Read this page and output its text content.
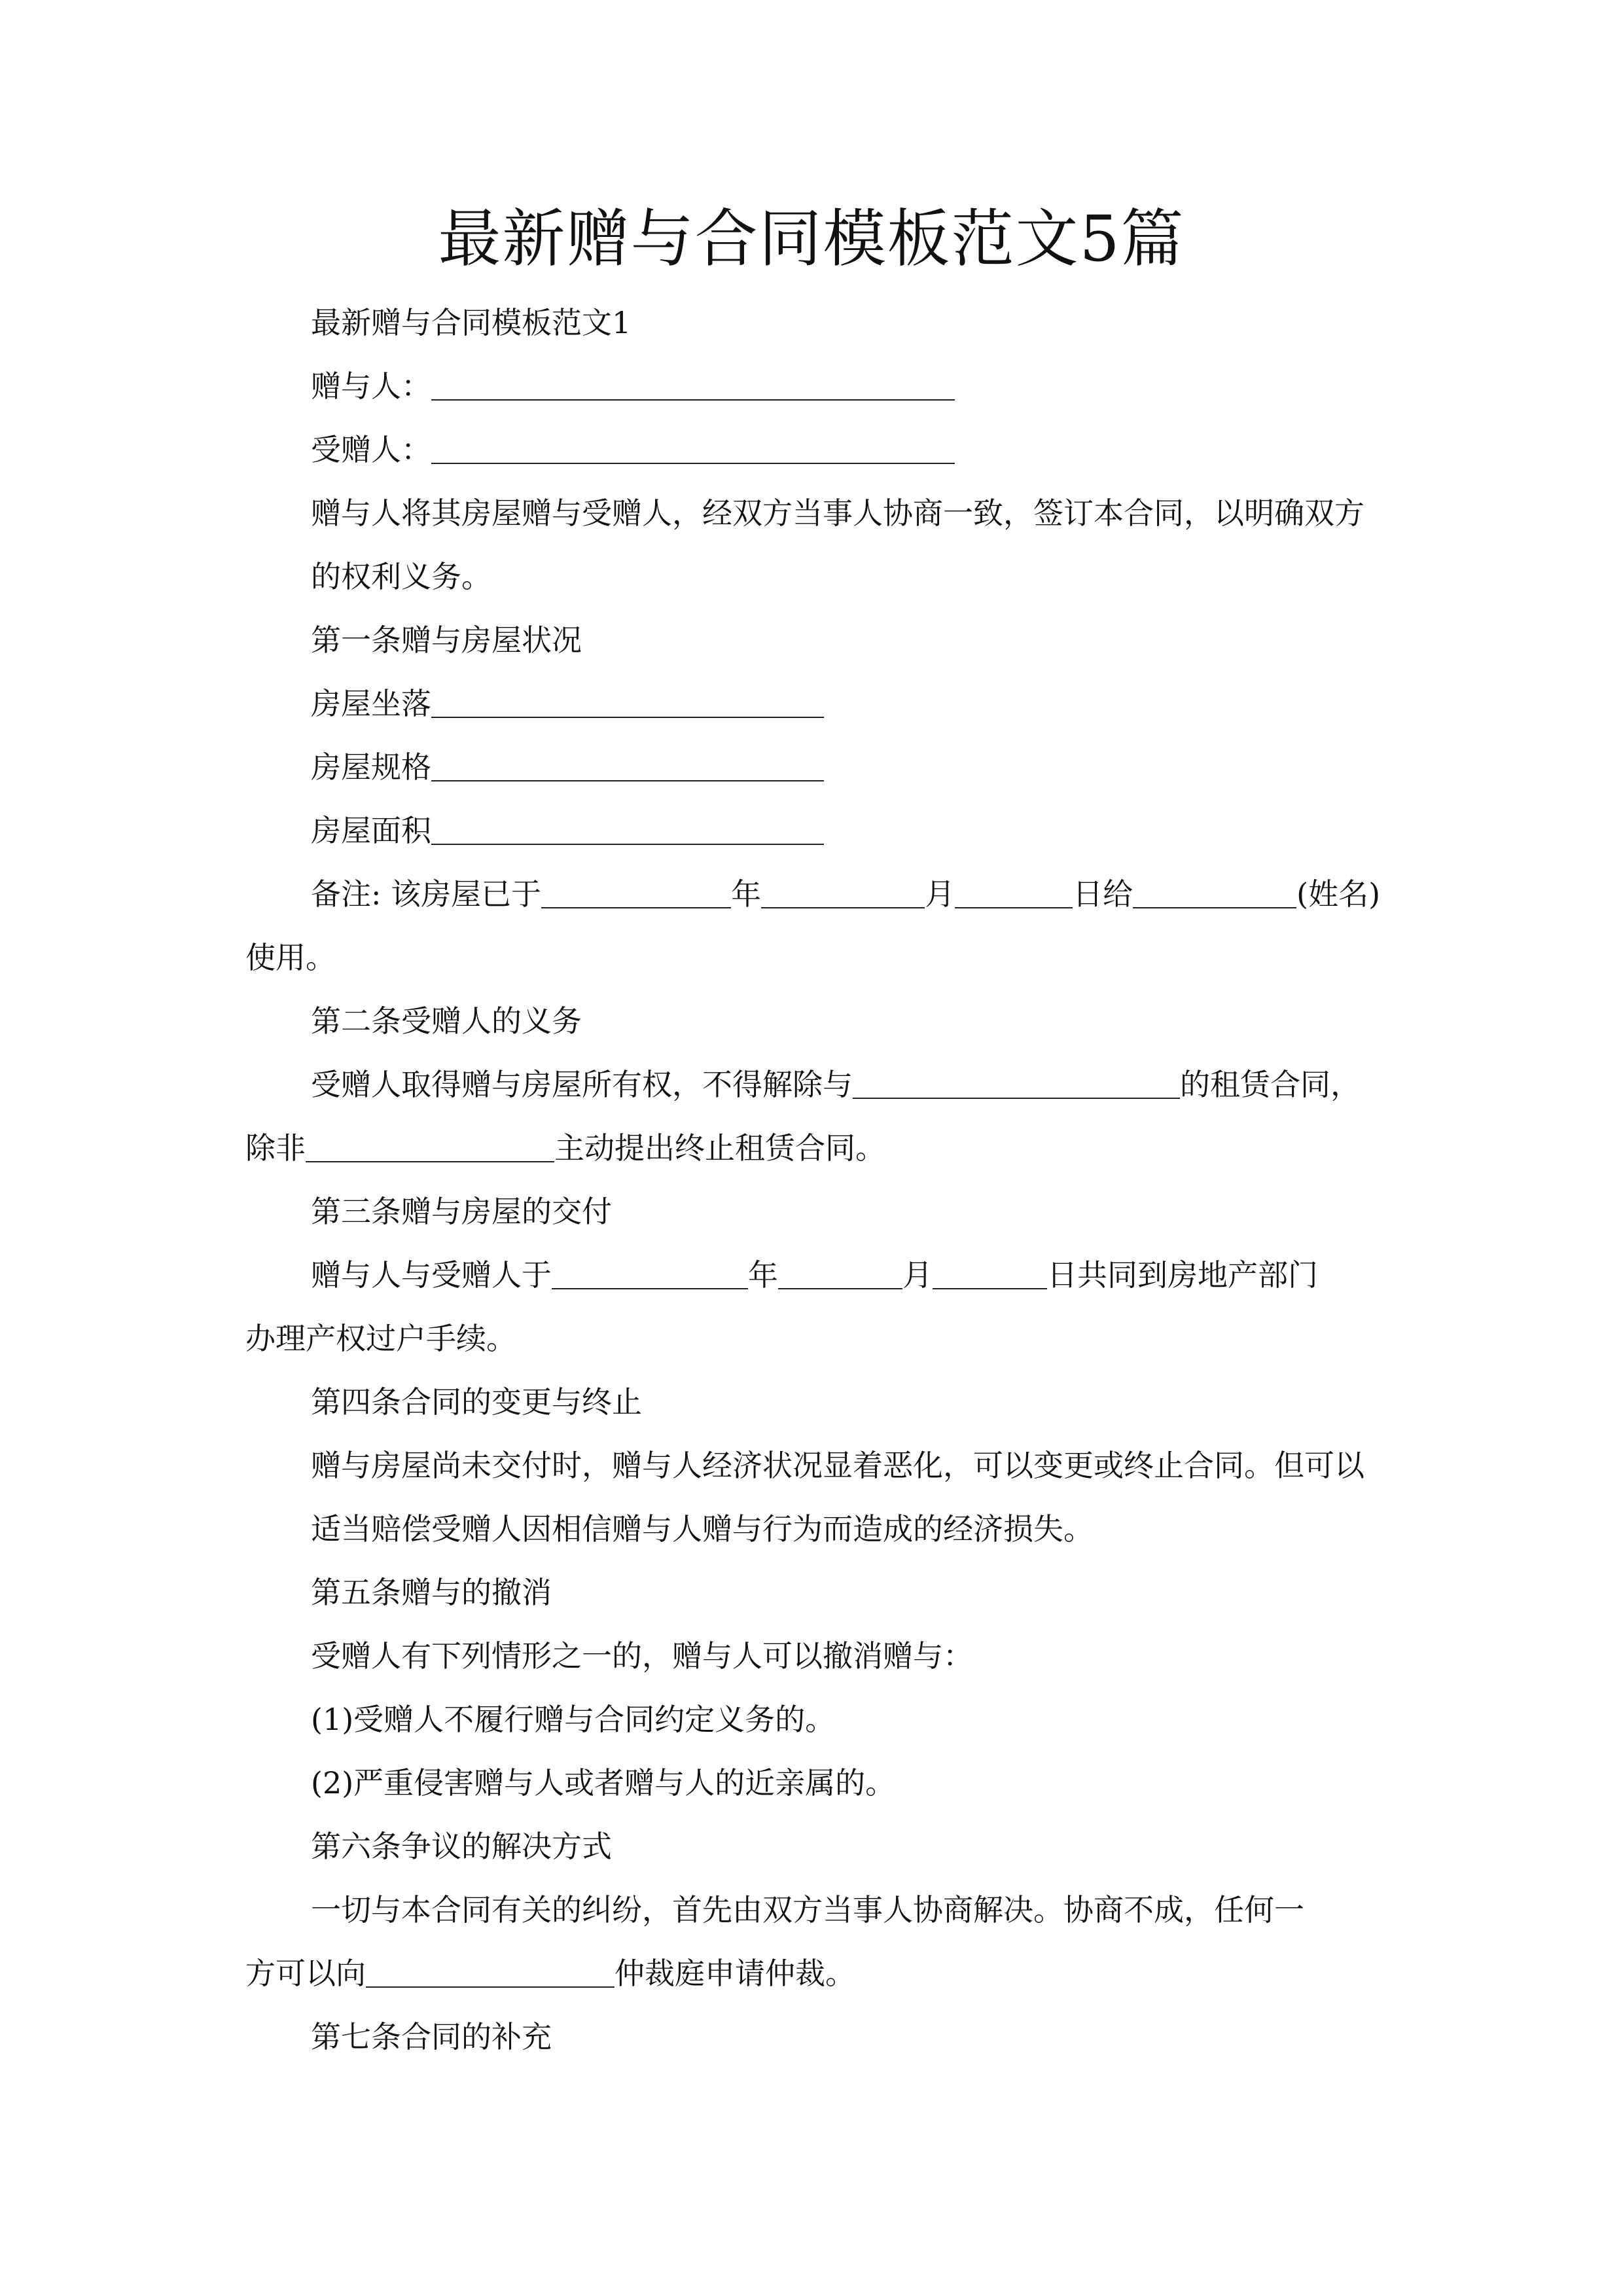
最新赠与合同模板范文5篇

最新赠与合同模板范文1

赠与人：

受赠人：

赠与人将其房屋赠与受赠人，经双方当事人协商一致，签订本合同，以明确双方的权利义务。

第一条赠与房屋状况

房屋坐落

房屋规格

房屋面积

备注: 该房屋已于	年	月	日给	(姓名)

使用。

第二条受赠人的义务

受赠人取得赠与房屋所有权，不得解除与	的租赁合同，

除非	主动提出终止租赁合同。

第三条赠与房屋的交付

赠与人与受赠人于	年	月	日共同到房地产部门

办理产权过户手续。

第四条合同的变更与终止

赠与房屋尚未交付时，赠与人经济状况显着恶化，可以变更或终止合同。但可以适当赔偿受赠人因相信赠与人赠与行为而造成的经济损失。

第五条赠与的撤消

受赠人有下列情形之一的，赠与人可以撤消赠与：

(1)受赠人不履行赠与合同约定义务的。

(2)严重侵害赠与人或者赠与人的近亲属的。

第六条争议的解决方式

一切与本合同有关的纠纷，首先由双方当事人协商解决。协商不成，任何一

方可以向	仲裁庭申请仲裁。

第七条合同的补充
